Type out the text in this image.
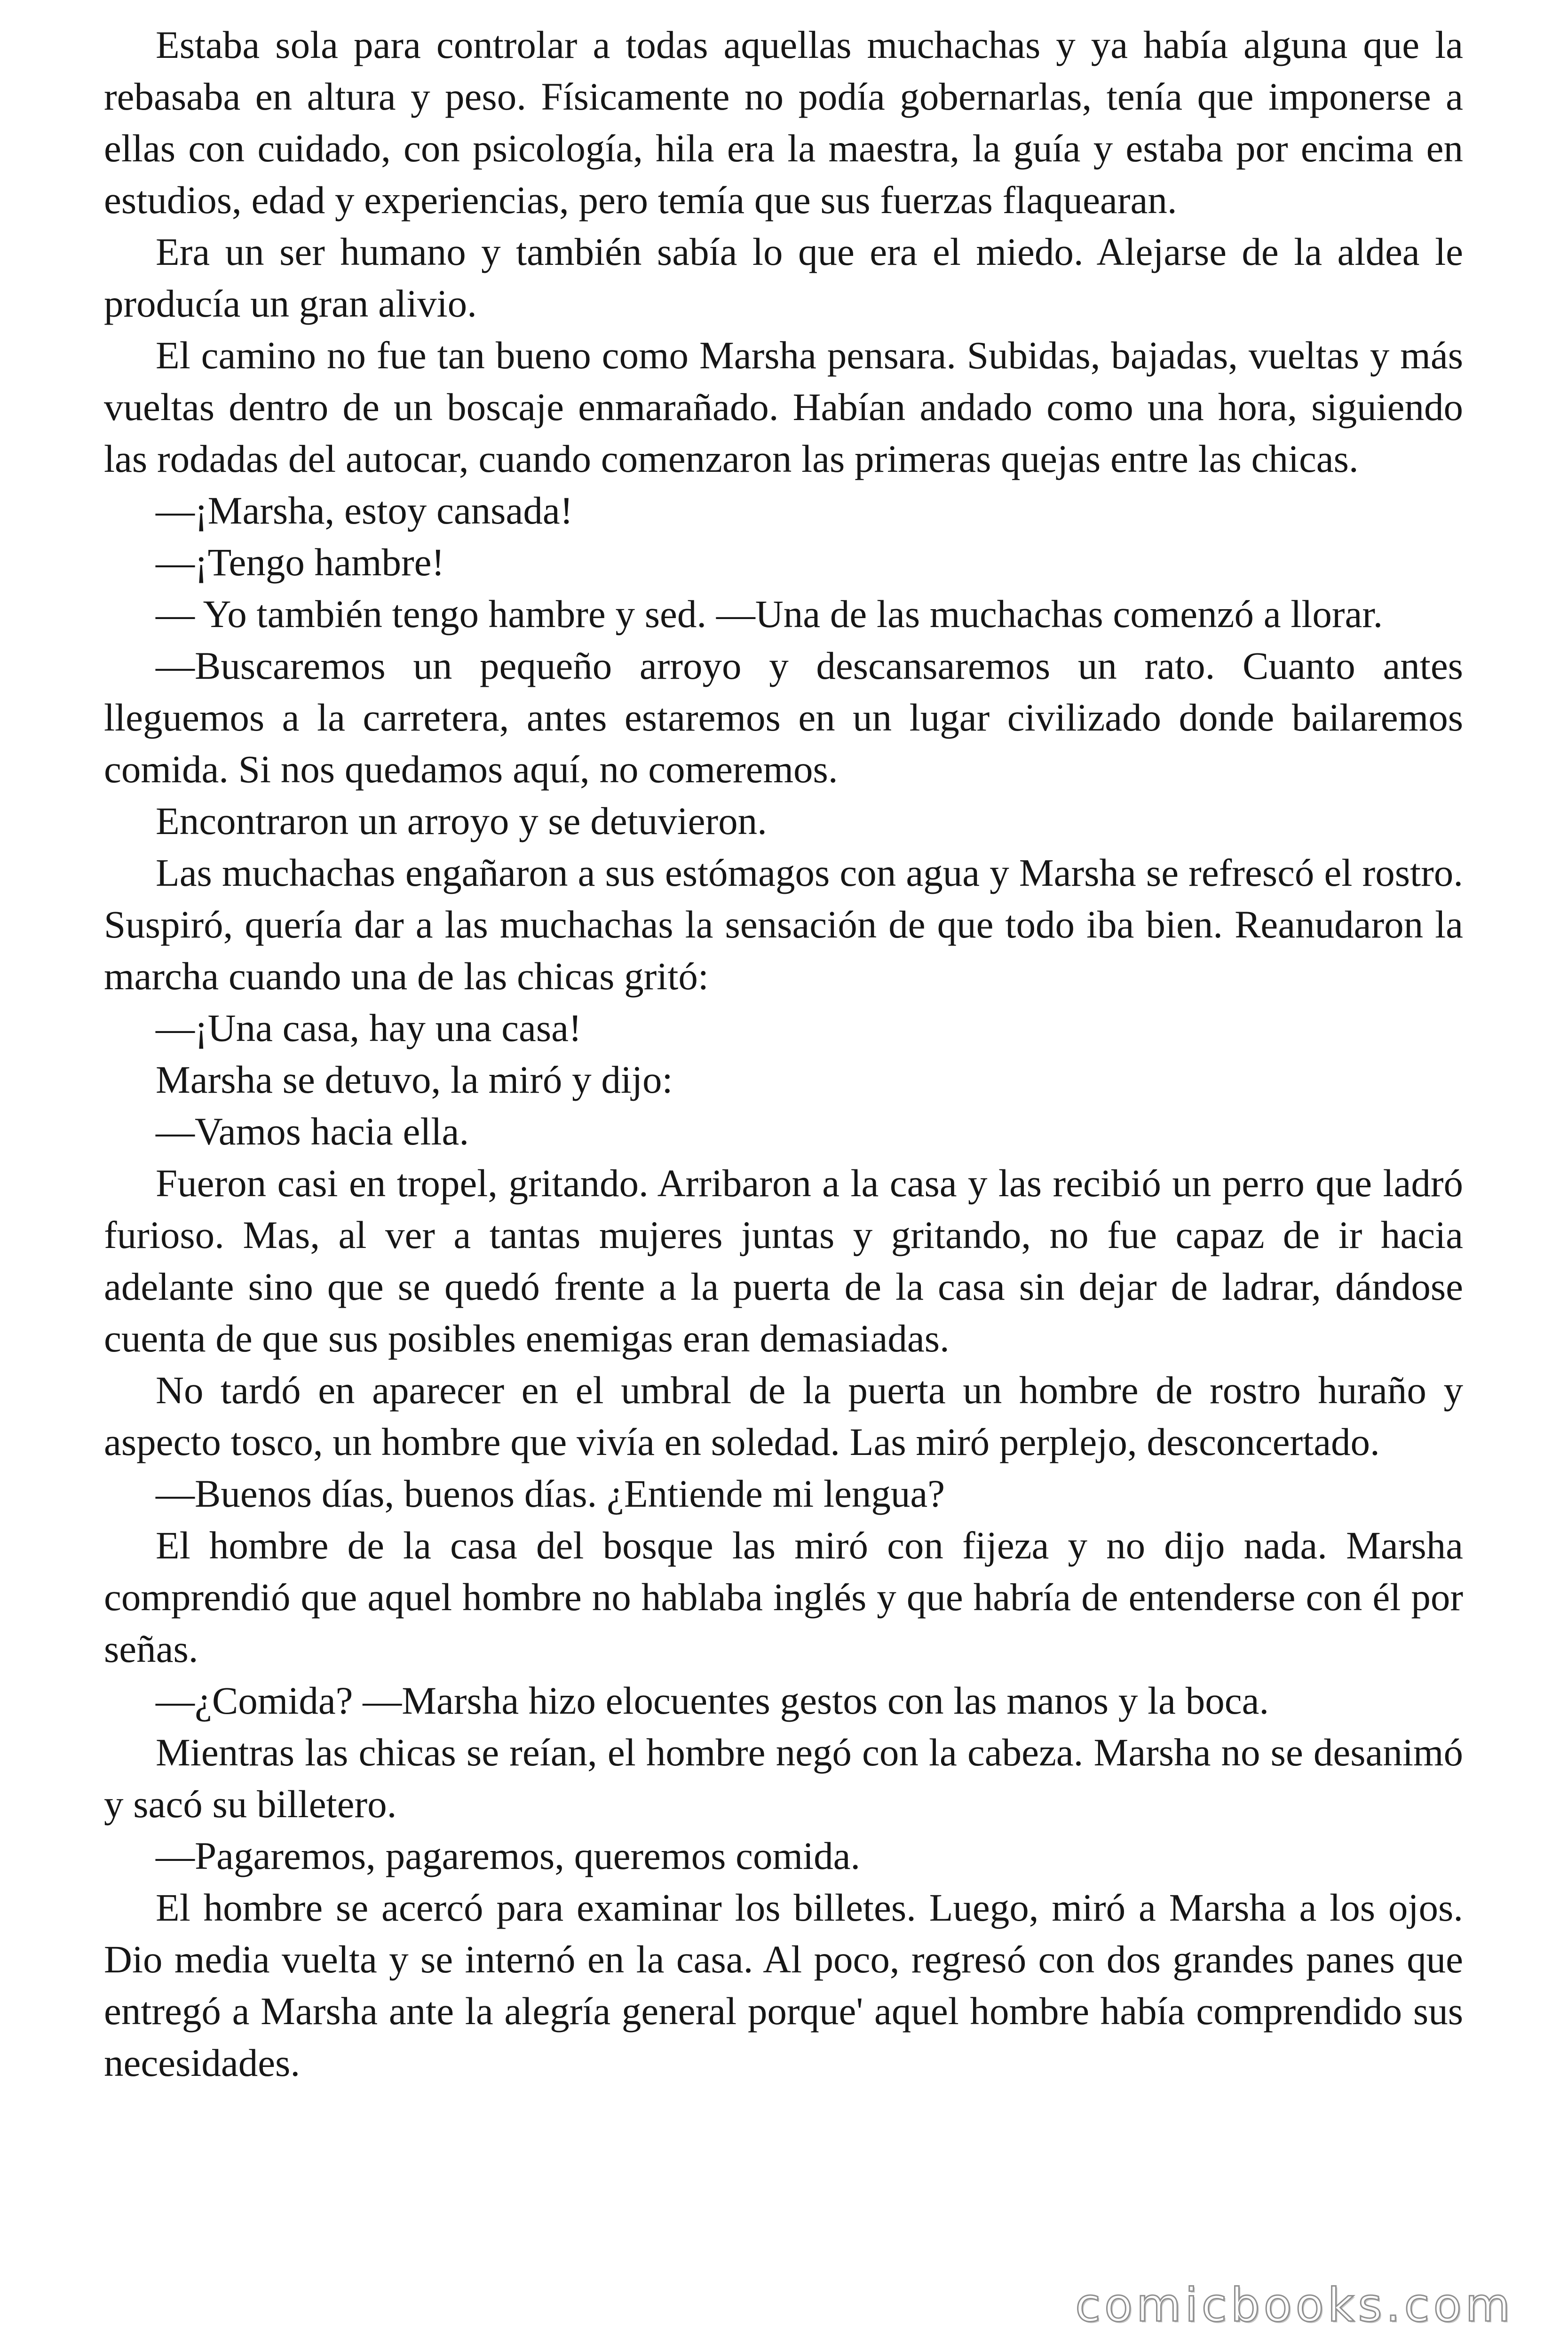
Estaba sola para controlar a todas aquellas muchachas y ya había alguna que la rebasaba en altura y peso. Físicamente no podía gobernarlas, tenía que imponerse a ellas con cuidado, con psicología, hila era la maestra, la guía y estaba por encima en estudios, edad y experiencias, pero temía que sus fuerzas flaquearan.

Era un ser humano y también sabía lo que era el miedo. Alejarse de la aldea le producía un gran alivio.

El camino no fue tan bueno como Marsha pensara. Subidas, bajadas, vueltas y más vueltas dentro de un boscaje enmarañado. Habían andado como una hora, siguiendo las rodadas del autocar, cuando comenzaron las primeras quejas entre las chicas.

—¡Marsha, estoy cansada!

—¡Tengo hambre!

— Yo también tengo hambre y sed. —Una de las muchachas comenzó a llorar.

—Buscaremos un pequeño arroyo y descansaremos un rato. Cuanto antes lleguemos a la carretera, antes estaremos en un lugar civilizado donde bailaremos comida. Si nos quedamos aquí, no comeremos.

Encontraron un arroyo y se detuvieron.

Las muchachas engañaron a sus estómagos con agua y Marsha se refrescó el rostro. Suspiró, quería dar a las muchachas la sensación de que todo iba bien. Reanudaron la marcha cuando una de las chicas gritó:

—¡Una casa, hay una casa!

Marsha se detuvo, la miró y dijo:

—Vamos hacia ella.

Fueron casi en tropel, gritando. Arribaron a la casa y las recibió un perro que ladró furioso. Mas, al ver a tantas mujeres juntas y gritando, no fue capaz de ir hacia adelante sino que se quedó frente a la puerta de la casa sin dejar de ladrar, dándose cuenta de que sus posibles enemigas eran demasiadas.

No tardó en aparecer en el umbral de la puerta un hombre de rostro huraño y aspecto tosco, un hombre que vivía en soledad. Las miró perplejo, desconcertado.

—Buenos días, buenos días. ¿Entiende mi lengua?

El hombre de la casa del bosque las miró con fijeza y no dijo nada. Marsha comprendió que aquel hombre no hablaba inglés y que habría de entenderse con él por señas.

—¿Comida? —Marsha hizo elocuentes gestos con las manos y la boca.

Mientras las chicas se reían, el hombre negó con la cabeza. Marsha no se desanimó y sacó su billetero.

—Pagaremos, pagaremos, queremos comida.

El hombre se acercó para examinar los billetes. Luego, miró a Marsha a los ojos. Dio media vuelta y se internó en la casa. Al poco, regresó con dos grandes panes que entregó a Marsha ante la alegría general porque' aquel hombre había comprendido sus necesidades.

comicbooks.com
